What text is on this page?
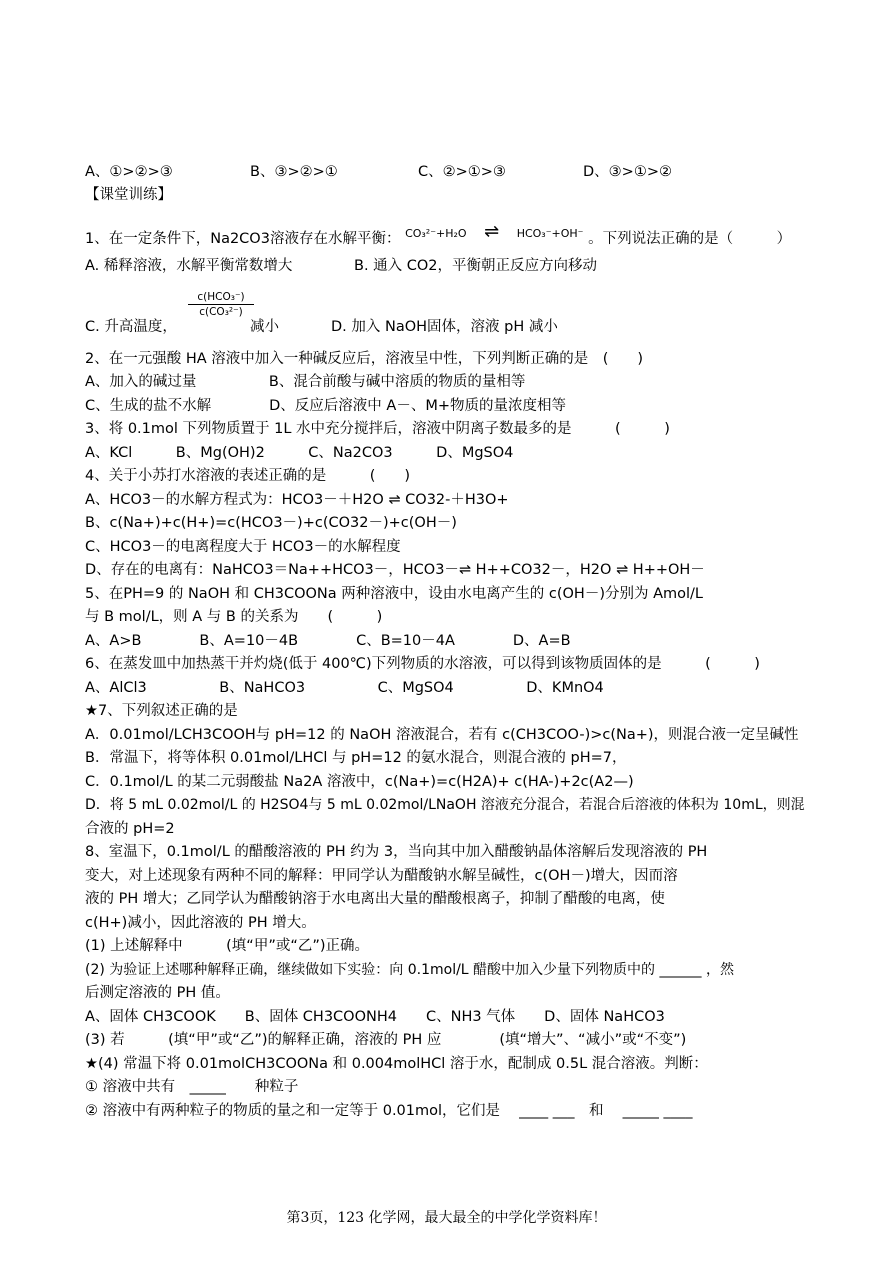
A、①>②>③	B、③>②>①	C、②>①>③	D、③>①>②
【课堂训练】
1、在一定条件下，Na2CO3溶液存在水解平衡： CO₃²⁻+H₂O ⇌ HCO₃⁻+OH⁻ 。下列说法正确的是（　　　）
A. 稀释溶液，水解平衡常数增大	B. 通入 CO2，平衡朝正反应方向移动
c(HCO₃⁻)
c(CO₃²⁻)
C. 升高温度，	减小	D. 加入 NaOH固体，溶液 pH 减小
2、在一元强酸 HA 溶液中加入一种碱反应后，溶液呈中性，下列判断正确的是　(　　)
A、加入的碱过量　　　　　B、混合前酸与碱中溶质的物质的量相等
C、生成的盐不水解　　　　D、反应后溶液中 A－、M+物质的量浓度相等
3、将 0.1mol 下列物质置于 1L 水中充分搅拌后，溶液中阴离子数最多的是　　　(　　　)
A、KCl　　　B、Mg(OH)2　　　C、Na2CO3　　　D、MgSO4
4、关于小苏打水溶液的表述正确的是　　　(　　)
A、HCO3－的水解方程式为：HCO3－＋H2O ⇌ CO32-＋H3O+
B、c(Na+)+c(H+)=c(HCO3－)+c(CO32－)+c(OH－)
C、HCO3－的电离程度大于 HCO3－的水解程度
D、存在的电离有：NaHCO3＝Na++HCO3－，HCO3－⇌ H++CO32－，H2O ⇌ H++OH－
5、在PH=9 的 NaOH 和 CH3COONa 两种溶液中，设由水电离产生的 c(OH－)分别为 Amol/L
与 B mol/L，则 A 与 B 的关系为　　(　　　)
A、A>B　　　　B、A=10－4B　　　　C、B=10－4A　　　　D、A=B
6、在蒸发皿中加热蒸干并灼烧(低于 400℃)下列物质的水溶液，可以得到该物质固体的是　　　(　　　)
A、AlCl3　　　　　B、NaHCO3　　　　　C、MgSO4　　　　　D、KMnO4
★7、下列叙述正确的是
A．0.01mol/LCH3COOH与 pH=12 的 NaOH 溶液混合，若有 c(CH3COO-)>c(Na+)，则混合液一定呈碱性
B．常温下，将等体积 0.01mol/LHCl 与 pH=12 的氨水混合，则混合液的 pH=7，
C．0.1mol/L 的某二元弱酸盐 Na2A 溶液中，c(Na+)=c(H2A)+ c(HA-)+2c(A2—)
D．将 5 mL 0.02mol/L 的 H2SO4与 5 mL 0.02mol/LNaOH 溶液充分混合，若混合后溶液的体积为 10mL，则混
合液的 pH=2
8、室温下，0.1mol/L 的醋酸溶液的 PH 约为 3，当向其中加入醋酸钠晶体溶解后发现溶液的 PH
变大，对上述现象有两种不同的解释：甲同学认为醋酸钠水解呈碱性，c(OH－)增大，因而溶
液的 PH 增大；乙同学认为醋酸钠溶于水电离出大量的醋酸根离子，抑制了醋酸的电离，使
c(H+)减小，因此溶液的 PH 增大。
(1) 上述解释中　　　(填“甲”或“乙”)正确。
(2) 为验证上述哪种解释正确，继续做如下实验：向 0.1mol/L 醋酸中加入少量下列物质中的 ______ ，然
后测定溶液的 PH 值。
A、固体 CH3COOK　　B、固体 CH3COONH4　　C、NH3 气体　　D、固体 NaHCO3
(3) 若　　　(填“甲”或“乙”)的解释正确，溶液的 PH 应　　　　(填“增大”、“减小”或“不变”)
★(4) 常温下将 0.01molCH3COONa 和 0.004molHCl 溶于水，配制成 0.5L 混合溶液。判断：
① 溶液中共有　_____　　种粒子
② 溶液中有两种粒子的物质的量之和一定等于 0.01mol，它们是　 ____ ___　和　 _____ ____
第3页，123 化学网，最大最全的中学化学资料库！
